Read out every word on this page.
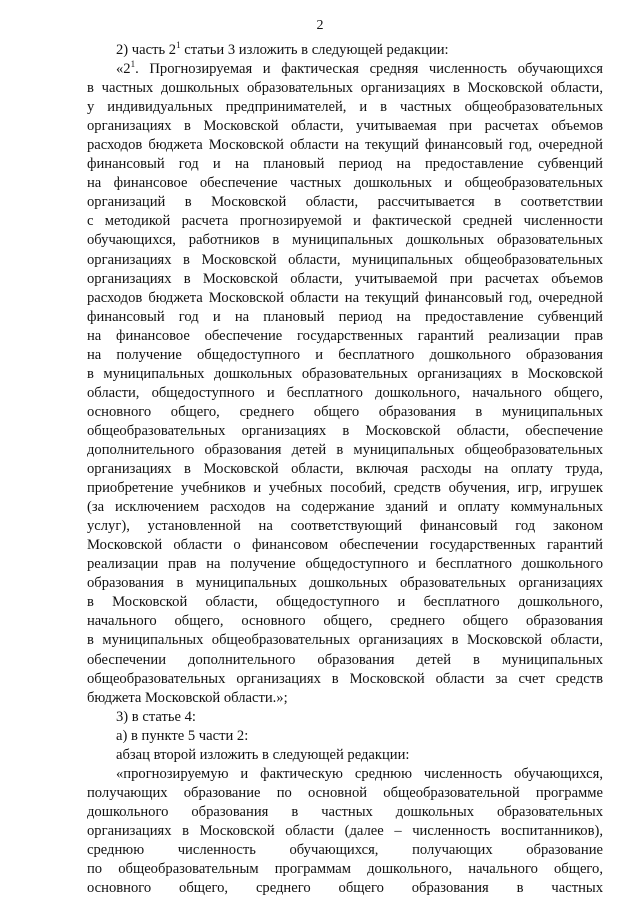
2
2) часть $2^1$ статьи 3 изложить в следующей редакции:
«$2^1$. Прогнозируемая и фактическая средняя численность обучающихся
в частных дошкольных образовательных организациях в Московской области,
у индивидуальных предпринимателей, и в частных общеобразовательных
организациях в Московской области, учитываемая при расчетах объемов
расходов бюджета Московской области на текущий финансовый год, очередной
финансовый год и на плановый период на предоставление субвенций
на финансовое обеспечение частных дошкольных и общеобразовательных
организаций в Московской области, рассчитывается в соответствии
с методикой расчета прогнозируемой и фактической средней численности
обучающихся, работников в муниципальных дошкольных образовательных
организациях в Московской области, муниципальных общеобразовательных
организациях в Московской области, учитываемой при расчетах объемов
расходов бюджета Московской области на текущий финансовый год, очередной
финансовый год и на плановый период на предоставление субвенций
на финансовое обеспечение государственных гарантий реализации прав
на получение общедоступного и бесплатного дошкольного образования
в муниципальных дошкольных образовательных организациях в Московской
области, общедоступного и бесплатного дошкольного, начального общего,
основного общего, среднего общего образования в муниципальных
общеобразовательных организациях в Московской области, обеспечение
дополнительного образования детей в муниципальных общеобразовательных
организациях в Московской области, включая расходы на оплату труда,
приобретение учебников и учебных пособий, средств обучения, игр, игрушек
(за исключением расходов на содержание зданий и оплату коммунальных
услуг), установленной на соответствующий финансовый год законом
Московской области о финансовом обеспечении государственных гарантий
реализации прав на получение общедоступного и бесплатного дошкольного
образования в муниципальных дошкольных образовательных организациях
в Московской области, общедоступного и бесплатного дошкольного,
начального общего, основного общего, среднего общего образования
в муниципальных общеобразовательных организациях в Московской области,
обеспечении дополнительного образования детей в муниципальных
общеобразовательных организациях в Московской области за счет средств
бюджета Московской области.»;
3) в статье 4:
а) в пункте 5 части 2:
абзац второй изложить в следующей редакции:
«прогнозируемую и фактическую среднюю численность обучающихся,
получающих образование по основной общеобразовательной программе
дошкольного образования в частных дошкольных образовательных
организациях в Московской области (далее – численность воспитанников),
среднюю численность обучающихся, получающих образование
по общеобразовательным программам дошкольного, начального общего,
основного общего, среднего общего образования в частных
